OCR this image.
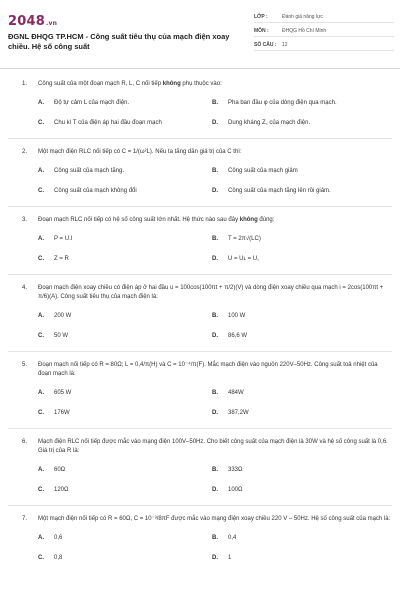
2048.vn
ĐGNL ĐHQG TP.HCM - Công suất tiêu thụ của mạch điện xoay chiều. Hệ số công suất
LỚP :	Đánh giá năng lực
MÔN :	ĐHQG Hồ Chí Minh
SỐ CÂU :	12
1. Công suất của một đoạn mạch R, L, C nối tiếp không phụ thuộc vào:
A.	Độ tự cảm L của mạch điện.	B.	Pha ban đầu φ của dòng điện qua mạch.
C.	Chu kì T của điện áp hai đầu đoạn mạch	D.	Dung kháng Z꜀ của mạch điện.
2. Một mạch điện RLC nối tiếp có C = 1/(ω²L). Nếu ta tăng dần giá trị của C thì:
A.	Công suất của mạch tăng.	B.	Công suất của mạch giảm
C.	Công suất của mạch không đổi	D.	Công suất của mạch tăng lên rồi giảm.
3. Đoạn mạch RLC nối tiếp có hệ số công suất lớn nhất. Hệ thức nào sau đây không đúng:
A.	P = U.I	B.	T = 2π√(LC)
C.	Z = R	D.	U = Uʟ = U꜀
4. Đoạn mạch điện xoay chiều có điện áp ở hai đầu u = 100cos(100πt + π/2)(V) và dòng điện xoay chiều qua mạch i = 2cos(100πt + π/6)(A). Công suất tiêu thụ của mạch điện là:
A.	200 W	B.	100 W
C.	50 W	D.	86,6 W
5. Đoạn mạch nối tiếp có R = 80Ω; L = 0,4/π(H) và C = 10⁻⁴/π(F). Mắc mạch điện vào nguồn 220V–50Hz. Công suất toả nhiệt của đoạn mạch là:
A.	605 W	B.	484W
C.	176W	D.	387,2W
6. Mạch điện RLC nối tiếp được mắc vào mạng điện 100V–50Hz. Cho biết công suất của mạch điện là 30W và hệ số công suất là 0,6. Giá trị của R là:
A.	60Ω	B.	333Ω
C.	120Ω	D.	100Ω
7. Một mạch điện nối tiếp có R = 60Ω, C = 10⁻³/8πF được mắc vào mạng điện xoay chiều 220 V – 50Hz. Hệ số công suất của mạch là:
A.	0,6	B.	0,4
C.	0,8	D.	1
